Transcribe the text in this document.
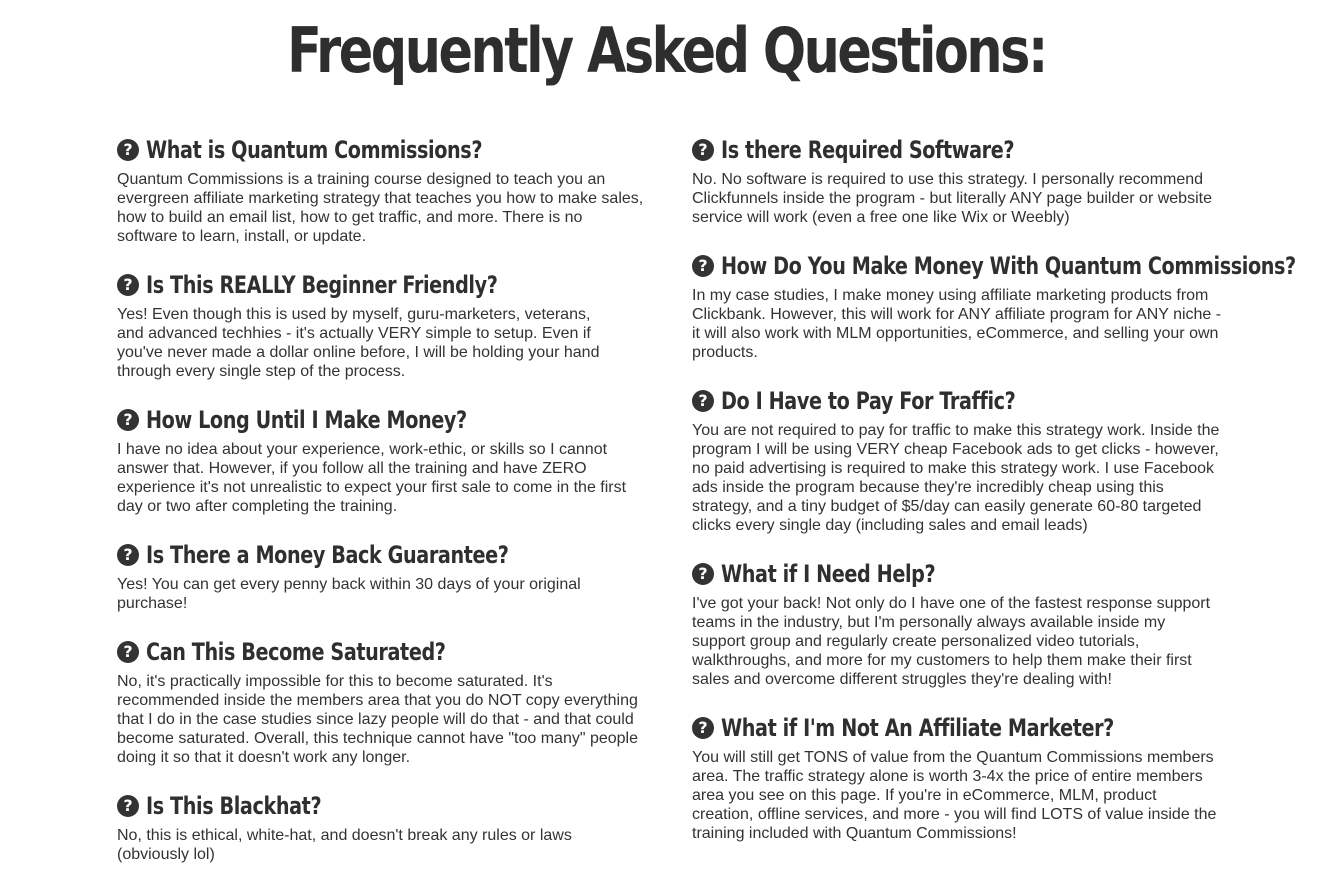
Frequently Asked Questions:
? What is Quantum Commissions?

Quantum Commissions is a training course designed to teach you an evergreen affiliate marketing strategy that teaches you how to make sales, how to build an email list, how to get traffic, and more. There is no software to learn, install, or update.

? Is This REALLY Beginner Friendly?

Yes! Even though this is used by myself, guru-marketers, veterans, and advanced techhies - it's actually VERY simple to setup. Even if you've never made a dollar online before, I will be holding your hand through every single step of the process.

? How Long Until I Make Money?

I have no idea about your experience, work-ethic, or skills so I cannot answer that. However, if you follow all the training and have ZERO experience it's not unrealistic to expect your first sale to come in the first day or two after completing the training.

? Is There a Money Back Guarantee?

Yes! You can get every penny back within 30 days of your original purchase!

? Can This Become Saturated?

No, it's practically impossible for this to become saturated. It's recommended inside the members area that you do NOT copy everything that I do in the case studies since lazy people will do that - and that could become saturated. Overall, this technique cannot have "too many" people doing it so that it doesn't work any longer.

? Is This Blackhat?

No, this is ethical, white-hat, and doesn't break any rules or laws (obviously lol)

? Is there Required Software?

No. No software is required to use this strategy. I personally recommend Clickfunnels inside the program - but literally ANY page builder or website service will work (even a free one like Wix or Weebly)

? How Do You Make Money With Quantum Commissions?

In my case studies, I make money using affiliate marketing products from Clickbank. However, this will work for ANY affiliate program for ANY niche - it will also work with MLM opportunities, eCommerce, and selling your own products.

? Do I Have to Pay For Traffic?

You are not required to pay for traffic to make this strategy work. Inside the program I will be using VERY cheap Facebook ads to get clicks - however, no paid advertising is required to make this strategy work. I use Facebook ads inside the program because they're incredibly cheap using this strategy, and a tiny budget of $5/day can easily generate 60-80 targeted clicks every single day (including sales and email leads)

? What if I Need Help?

I've got your back! Not only do I have one of the fastest response support teams in the industry, but I'm personally always available inside my support group and regularly create personalized video tutorials, walkthroughs, and more for my customers to help them make their first sales and overcome different struggles they're dealing with!

? What if I'm Not An Affiliate Marketer?

You will still get TONS of value from the Quantum Commissions members area. The traffic strategy alone is worth 3-4x the price of entire members area you see on this page. If you're in eCommerce, MLM, product creation, offline services, and more - you will find LOTS of value inside the training included with Quantum Commissions!
